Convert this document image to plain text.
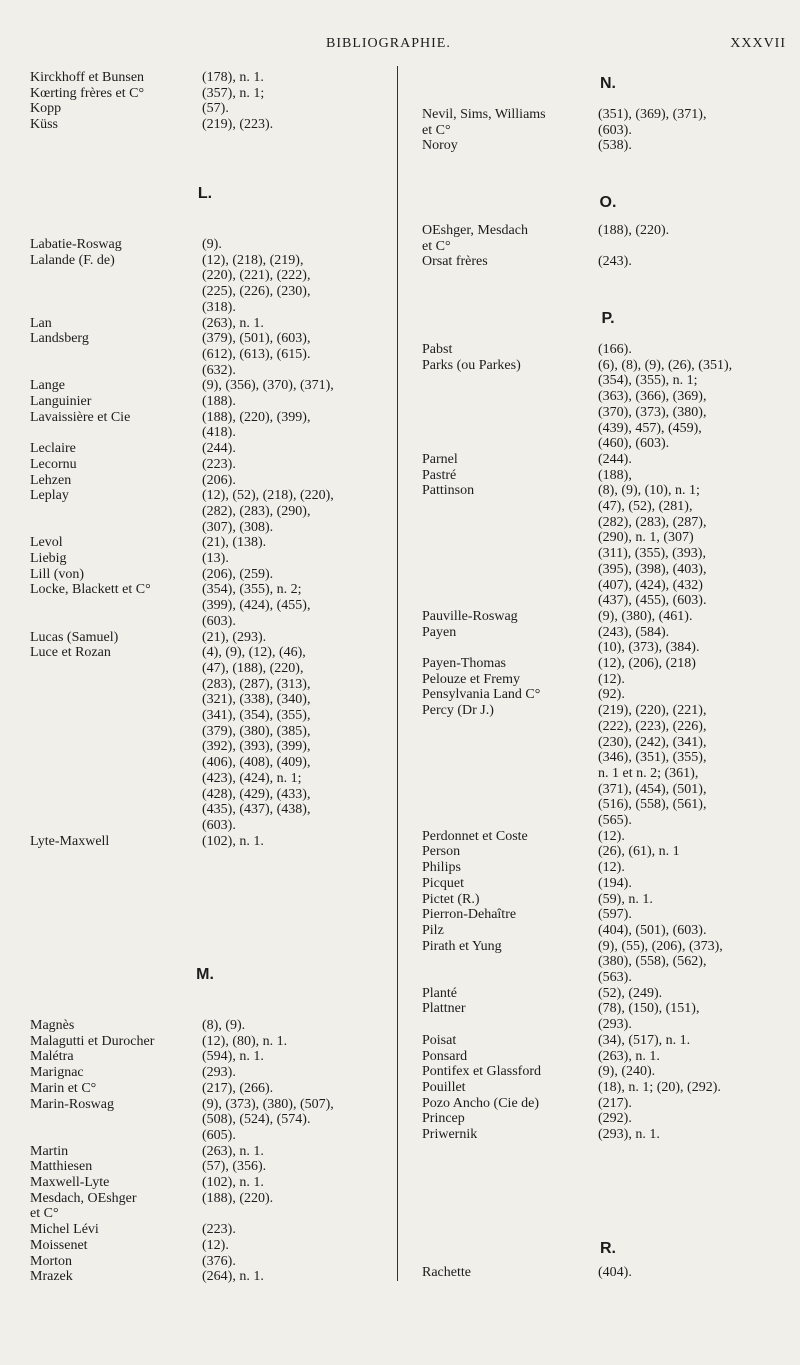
BIBLIOGRAPHIE.	XXXVII
Kirckhoff et Bunsen	(178), n. 1.
Kœrting frères et C°	(357), n. 1;
Kopp	(57).
Küss	(219), (223).
L.
Labatie-Roswag	(9).
Lalande (F. de)	(12), (218), (219),
(220), (221), (222),
(225), (226), (230),
(318).
Lan	(263), n. 1.
Landsberg	(379), (501), (603),
(612), (613), (615).
(632).
Lange	(9), (356), (370), (371),
Languinier	(188).
Lavaissière et Cie	(188), (220), (399),
(418).
Leclaire	(244).
Lecornu	(223).
Lehzen	(206).
Leplay	(12), (52), (218), (220),
(282), (283), (290),
(307), (308).
Levol	(21), (138).
Liebig	(13).
Lill (von)	(206), (259).
Locke, Blackett et C°	(354), (355), n. 2;
(399), (424), (455),
(603).
Lucas (Samuel)	(21), (293).
Luce et Rozan	(4), (9), (12), (46),
(47), (188), (220),
(283), (287), (313),
(321), (338), (340),
(341), (354), (355),
(379), (380), (385),
(392), (393), (399),
(406), (408), (409),
(423), (424), n. 1;
(428), (429), (433),
(435), (437), (438),
(603).
Lyte-Maxwell	(102), n. 1.
M.
Magnès	(8), (9).
Malagutti et Durocher	(12), (80), n. 1.
Malétra	(594), n. 1.
Marignac	(293).
Marin et C°	(217), (266).
Marin-Roswag	(9), (373), (380), (507),
(508), (524), (574).
(605).
Martin	(263), n. 1.
Matthiesen	(57), (356).
Maxwell-Lyte	(102), n. 1.
Mesdach, OEshger
et C°
(188), (220).
Michel Lévi	(223).
Moissenet	(12).
Morton	(376).
Mrazek	(264), n. 1.
N.
Nevil, Sims, Williams
et C°
(351), (369), (371),
(603).
Noroy	(538).
O.
OEshger, Mesdach
et C°
(188), (220).
Orsat frères	(243).
P.
Pabst	(166).
Parks (ou Parkes)	(6), (8), (9), (26), (351),
(354), (355), n. 1;
(363), (366), (369),
(370), (373), (380),
(439), 457), (459),
(460), (603).
Parnel	(244).
Pastré	(188),
Pattinson	(8), (9), (10), n. 1;
(47), (52), (281),
(282), (283), (287),
(290), n. 1, (307)
(311), (355), (393),
(395), (398), (403),
(407), (424), (432)
(437), (455), (603).
Pauville-Roswag	(9), (380), (461).
Payen	(243), (584).
(10), (373), (384).
Payen-Thomas	(12), (206), (218)
Pelouze et Fremy	(12).
Pensylvania Land C°	(92).
Percy (Dr J.)	(219), (220), (221),
(222), (223), (226),
(230), (242), (341),
(346), (351), (355),
n. 1 et n. 2; (361),
(371), (454), (501),
(516), (558), (561),
(565).
Perdonnet et Coste	(12).
Person	(26), (61), n. 1
Philips	(12).
Picquet	(194).
Pictet (R.)	(59), n. 1.
Pierron-Dehaître	(597).
Pilz	(404), (501), (603).
Pirath et Yung	(9), (55), (206), (373),
(380), (558), (562),
(563).
Planté	(52), (249).
Plattner	(78), (150), (151),
(293).
Poisat	(34), (517), n. 1.
Ponsard	(263), n. 1.
Pontifex et Glassford	(9), (240).
Pouillet	(18), n. 1; (20), (292).
Pozo Ancho (Cie de)	(217).
Princep	(292).
Priwernik	(293), n. 1.
R.
Rachette	(404).
